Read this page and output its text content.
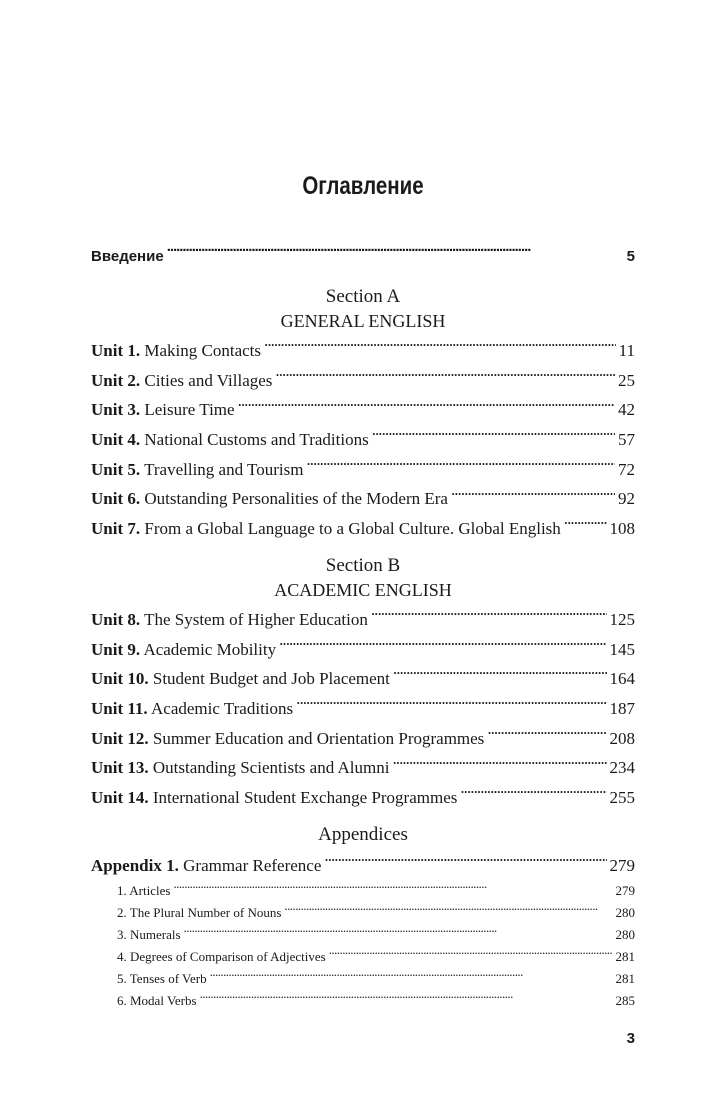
Оглавление
Введение . . .	5
Section A
GENERAL ENGLISH
Unit 1. Making Contacts . . .	11
Unit 2. Cities and Villages . . .	25
Unit 3. Leisure Time . . .	42
Unit 4. National Customs and Traditions . . .	57
Unit 5. Travelling and Tourism . . .	72
Unit 6. Outstanding Personalities of the Modern Era . . .	92
Unit 7. From a Global Language to a Global Culture. Global English . . .	108
Section B
ACADEMIC ENGLISH
Unit 8. The System of Higher Education . . .	125
Unit 9. Academic Mobility . . .	145
Unit 10. Student Budget and Job Placement . . .	164
Unit 11. Academic Traditions . . .	187
Unit 12. Summer Education and Orientation Programmes . . .	208
Unit 13. Outstanding Scientists and Alumni . . .	234
Unit 14. International Student Exchange Programmes . . .	255
Appendices
Appendix 1. Grammar Reference . . .	279
1. Articles . . .	279
2. The Plural Number of Nouns . . .	280
3. Numerals . . .	280
4. Degrees of Comparison of Adjectives . . .	281
5. Tenses of Verb . . .	281
6. Modal Verbs . . .	285
3
